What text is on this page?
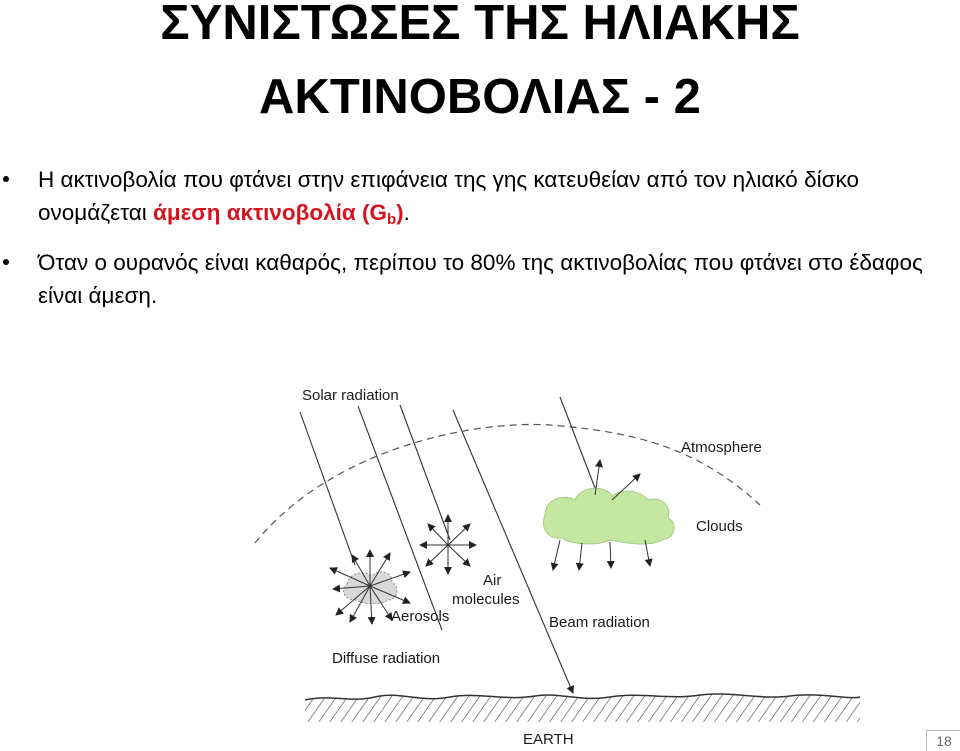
ΣΥΝΙΣΤΩΣΕΣ ΤΗΣ ΗΛΙΑΚΗΣ
ΑΚΤΙΝΟΒΟΛΙΑΣ - 2
Η ακτινοβολία που φτάνει στην επιφάνεια της γης κατευθείαν από τον ηλιακό δίσκο ονομάζεται άμεση ακτινοβολία $(G_b)$.
Όταν ο ουρανός είναι καθαρός, περίπου το 80% της ακτινοβολίας που φτάνει στο έδαφος είναι άμεση.
Solar radiation
Atmosphere
Clouds
Air
molecules
Aerosols	Beam radiation
Diffuse radiation
EARTH	18
